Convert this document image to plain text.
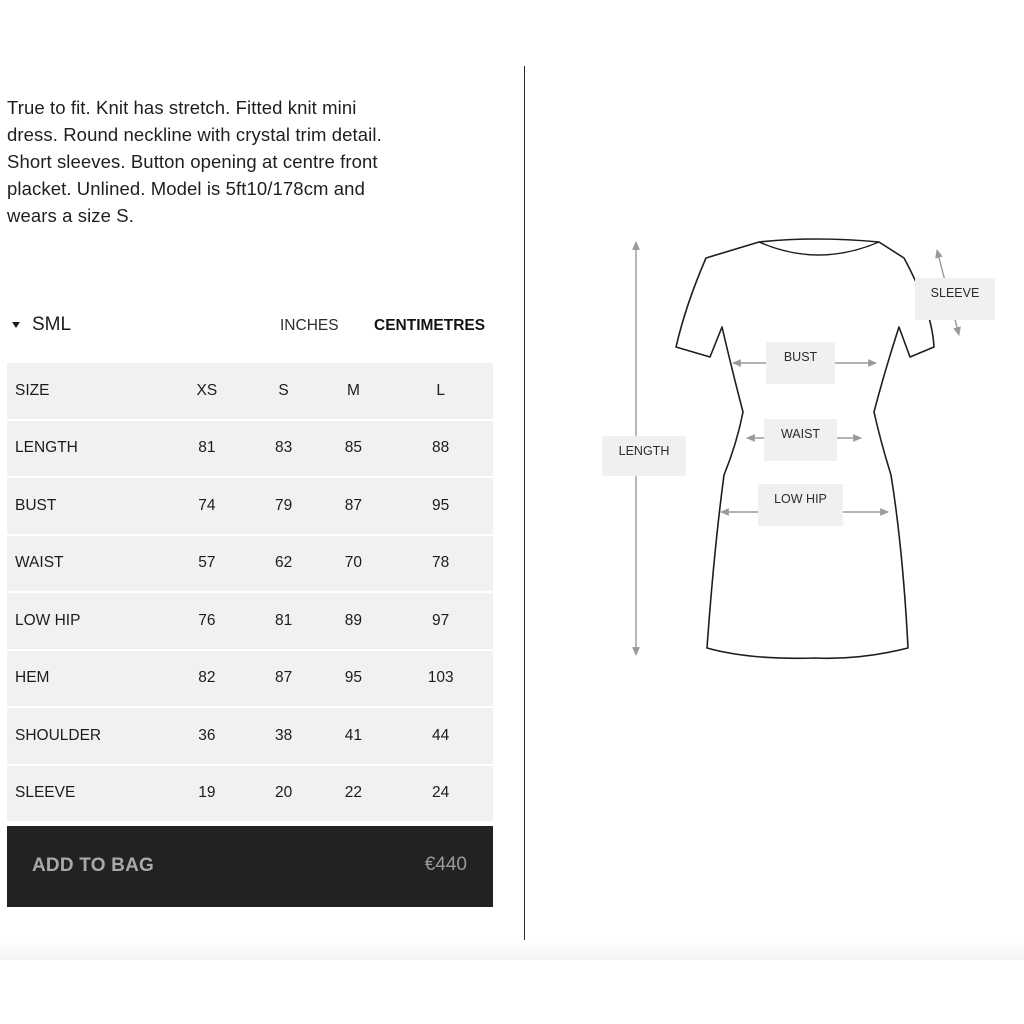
True to fit. Knit has stretch. Fitted knit mini dress. Round neckline with crystal trim detail. Short sleeves. Button opening at centre front placket. Unlined. Model is 5ft10/178cm and wears a size S.

SML	INCHES CENTIMETRES
SIZE	XS	S	M	L
LENGTH	81	83	85	88
BUST	74	79	87	95
WAIST	57	62	70	78
LOW HIP	76	81	89	97
HEM	82	87	95	103
SHOULDER	36	38	41	44
SLEEVE	19	20	22	24
ADD TO BAG	€440
LENGTH
BUST
WAIST
LOW HIP
SLEEVE
